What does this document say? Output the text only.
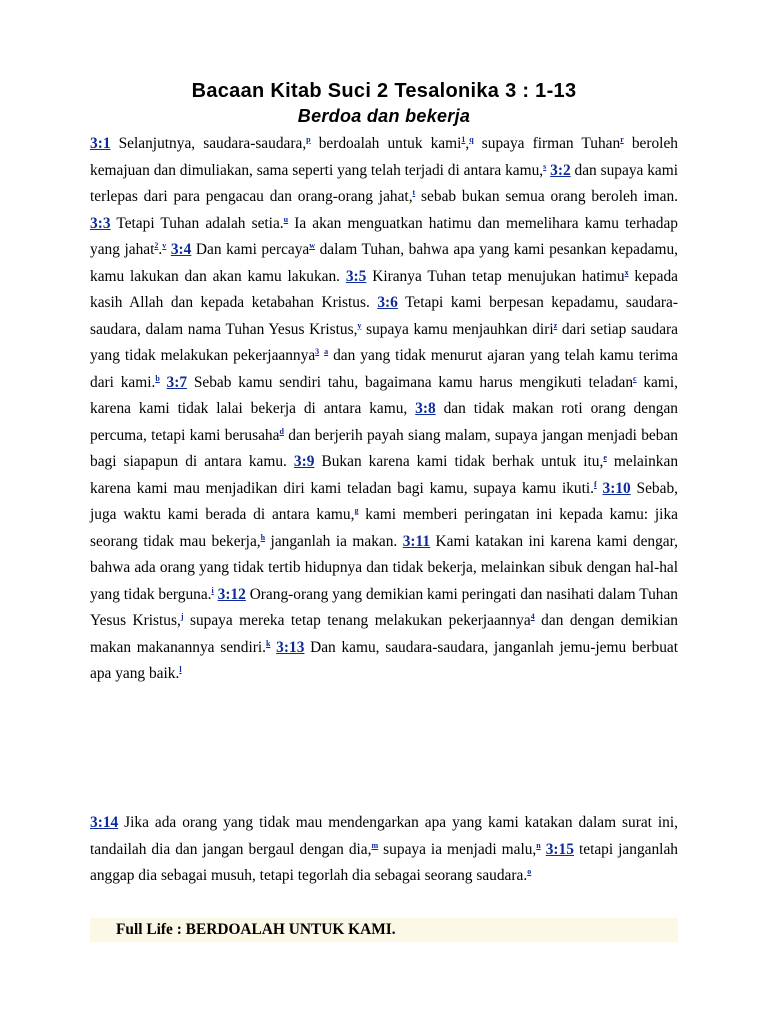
Bacaan Kitab Suci 2 Tesalonika 3 : 1-13
Berdoa dan bekerja

3:1 Selanjutnya, saudara-saudara,$^p$ berdoalah untuk kami$^1$,$^q$ supaya firman Tuhan$^r$ beroleh kemajuan dan dimuliakan, sama seperti yang telah terjadi di antara kamu,$^s$ 3:2 dan supaya kami terlepas dari para pengacau dan orang-orang jahat,$^t$ sebab bukan semua orang beroleh iman. 3:3 Tetapi Tuhan adalah setia.$^u$ Ia akan menguatkan hatimu dan memelihara kamu terhadap yang jahat$^2$.$^v$ 3:4 Dan kami percaya$^w$ dalam Tuhan, bahwa apa yang kami pesankan kepadamu, kamu lakukan dan akan kamu lakukan. 3:5 Kiranya Tuhan tetap menujukan hatimu$^x$ kepada kasih Allah dan kepada ketabahan Kristus. 3:6 Tetapi kami berpesan kepadamu, saudara-saudara, dalam nama Tuhan Yesus Kristus,$^y$ supaya kamu menjauhkan diri$^z$ dari setiap saudara yang tidak melakukan pekerjaannya$^3$ $^a$ dan yang tidak menurut ajaran yang telah kamu terima dari kami.$^b$ 3:7 Sebab kamu sendiri tahu, bagaimana kamu harus mengikuti teladan$^c$ kami, karena kami tidak lalai bekerja di antara kamu, 3:8 dan tidak makan roti orang dengan percuma, tetapi kami berusaha$^d$ dan berjerih payah siang malam, supaya jangan menjadi beban bagi siapapun di antara kamu. 3:9 Bukan karena kami tidak berhak untuk itu,$^e$ melainkan karena kami mau menjadikan diri kami teladan bagi kamu, supaya kamu ikuti.$^f$ 3:10 Sebab, juga waktu kami berada di antara kamu,$^g$ kami memberi peringatan ini kepada kamu: jika seorang tidak mau bekerja,$^h$ janganlah ia makan. 3:11 Kami katakan ini karena kami dengar, bahwa ada orang yang tidak tertib hidupnya dan tidak bekerja, melainkan sibuk dengan hal-hal yang tidak berguna.$^i$ 3:12 Orang-orang yang demikian kami peringati dan nasihati dalam Tuhan Yesus Kristus,$^j$ supaya mereka tetap tenang melakukan pekerjaannya$^4$ dan dengan demikian makan makanannya sendiri.$^k$ 3:13 Dan kamu, saudara-saudara, janganlah jemu-jemu berbuat apa yang baik.$^l$

3:14 Jika ada orang yang tidak mau mendengarkan apa yang kami katakan dalam surat ini, tandailah dia dan jangan bergaul dengan dia,$^m$ supaya ia menjadi malu,$^n$ 3:15 tetapi janganlah anggap dia sebagai musuh, tetapi tegorlah dia sebagai seorang saudara.$^o$

Full Life : BERDOALAH UNTUK KAMI.
